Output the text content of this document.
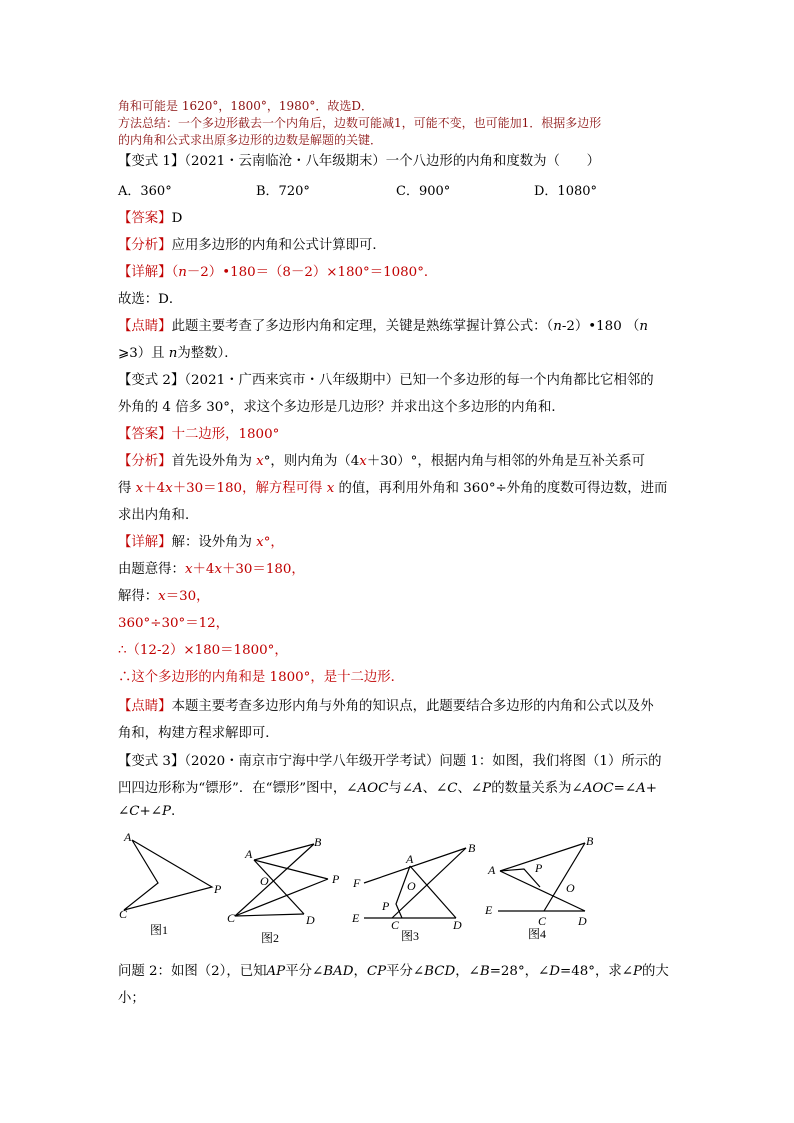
角和可能是 1620°，1800°，1980°．故选D．
方法总结：一个多边形截去一个内角后，边数可能减1，可能不变，也可能加1．根据多边形
的内角和公式求出原多边形的边数是解题的关键．
【变式 1】（2021・云南临沧・八年级期末）一个八边形的内角和度数为（　　）
A．360°	B．720°	C．900°	D．1080°
【答案】D
【分析】应用多边形的内角和公式计算即可．
【详解】（n－2）•180＝（8－2）×180°＝1080°．
故选：D．
【点睛】此题主要考查了多边形内角和定理，关键是熟练掌握计算公式：（n-2）•180 （n
⩾3）且 n为整数）．
【变式 2】（2021・广西来宾市・八年级期中）已知一个多边形的每一个内角都比它相邻的
外角的 4 倍多 30°，求这个多边形是几边形？并求出这个多边形的内角和．
【答案】十二边形，1800°
【分析】首先设外角为 x°，则内角为（4x＋30）°，根据内角与相邻的外角是互补关系可
得 x＋4x＋30＝180，解方程可得 x 的值，再利用外角和 360°÷外角的度数可得边数，进而
求出内角和．
【详解】解：设外角为 x°，
由题意得：x＋4x＋30＝180，
解得：x＝30，
360°÷30°＝12，
∴（12-2）×180＝1800°，
∴这个多边形的内角和是 1800°，是十二边形．
【点睛】本题主要考查多边形内角与外角的知识点，此题要结合多边形的内角和公式以及外
角和，构建方程求解即可．
【变式 3】（2020・南京市宁海中学八年级开学考试）问题 1：如图，我们将图（1）所示的
凹四边形称为“镖形”．在“镖形”图中，∠AOC与∠A、∠C、∠P的数量关系为∠AOC=∠A+
∠C+∠P.
A
C
P
A
B
O	P
C	D
F
A
B
O
P
E	C	D
A
B
P
O
E
C	D
图1
图2	图3	图4
问题 2：如图（2），已知AP平分∠BAD，CP平分∠BCD，∠B=28°，∠D=48°，求∠P的大
小；
